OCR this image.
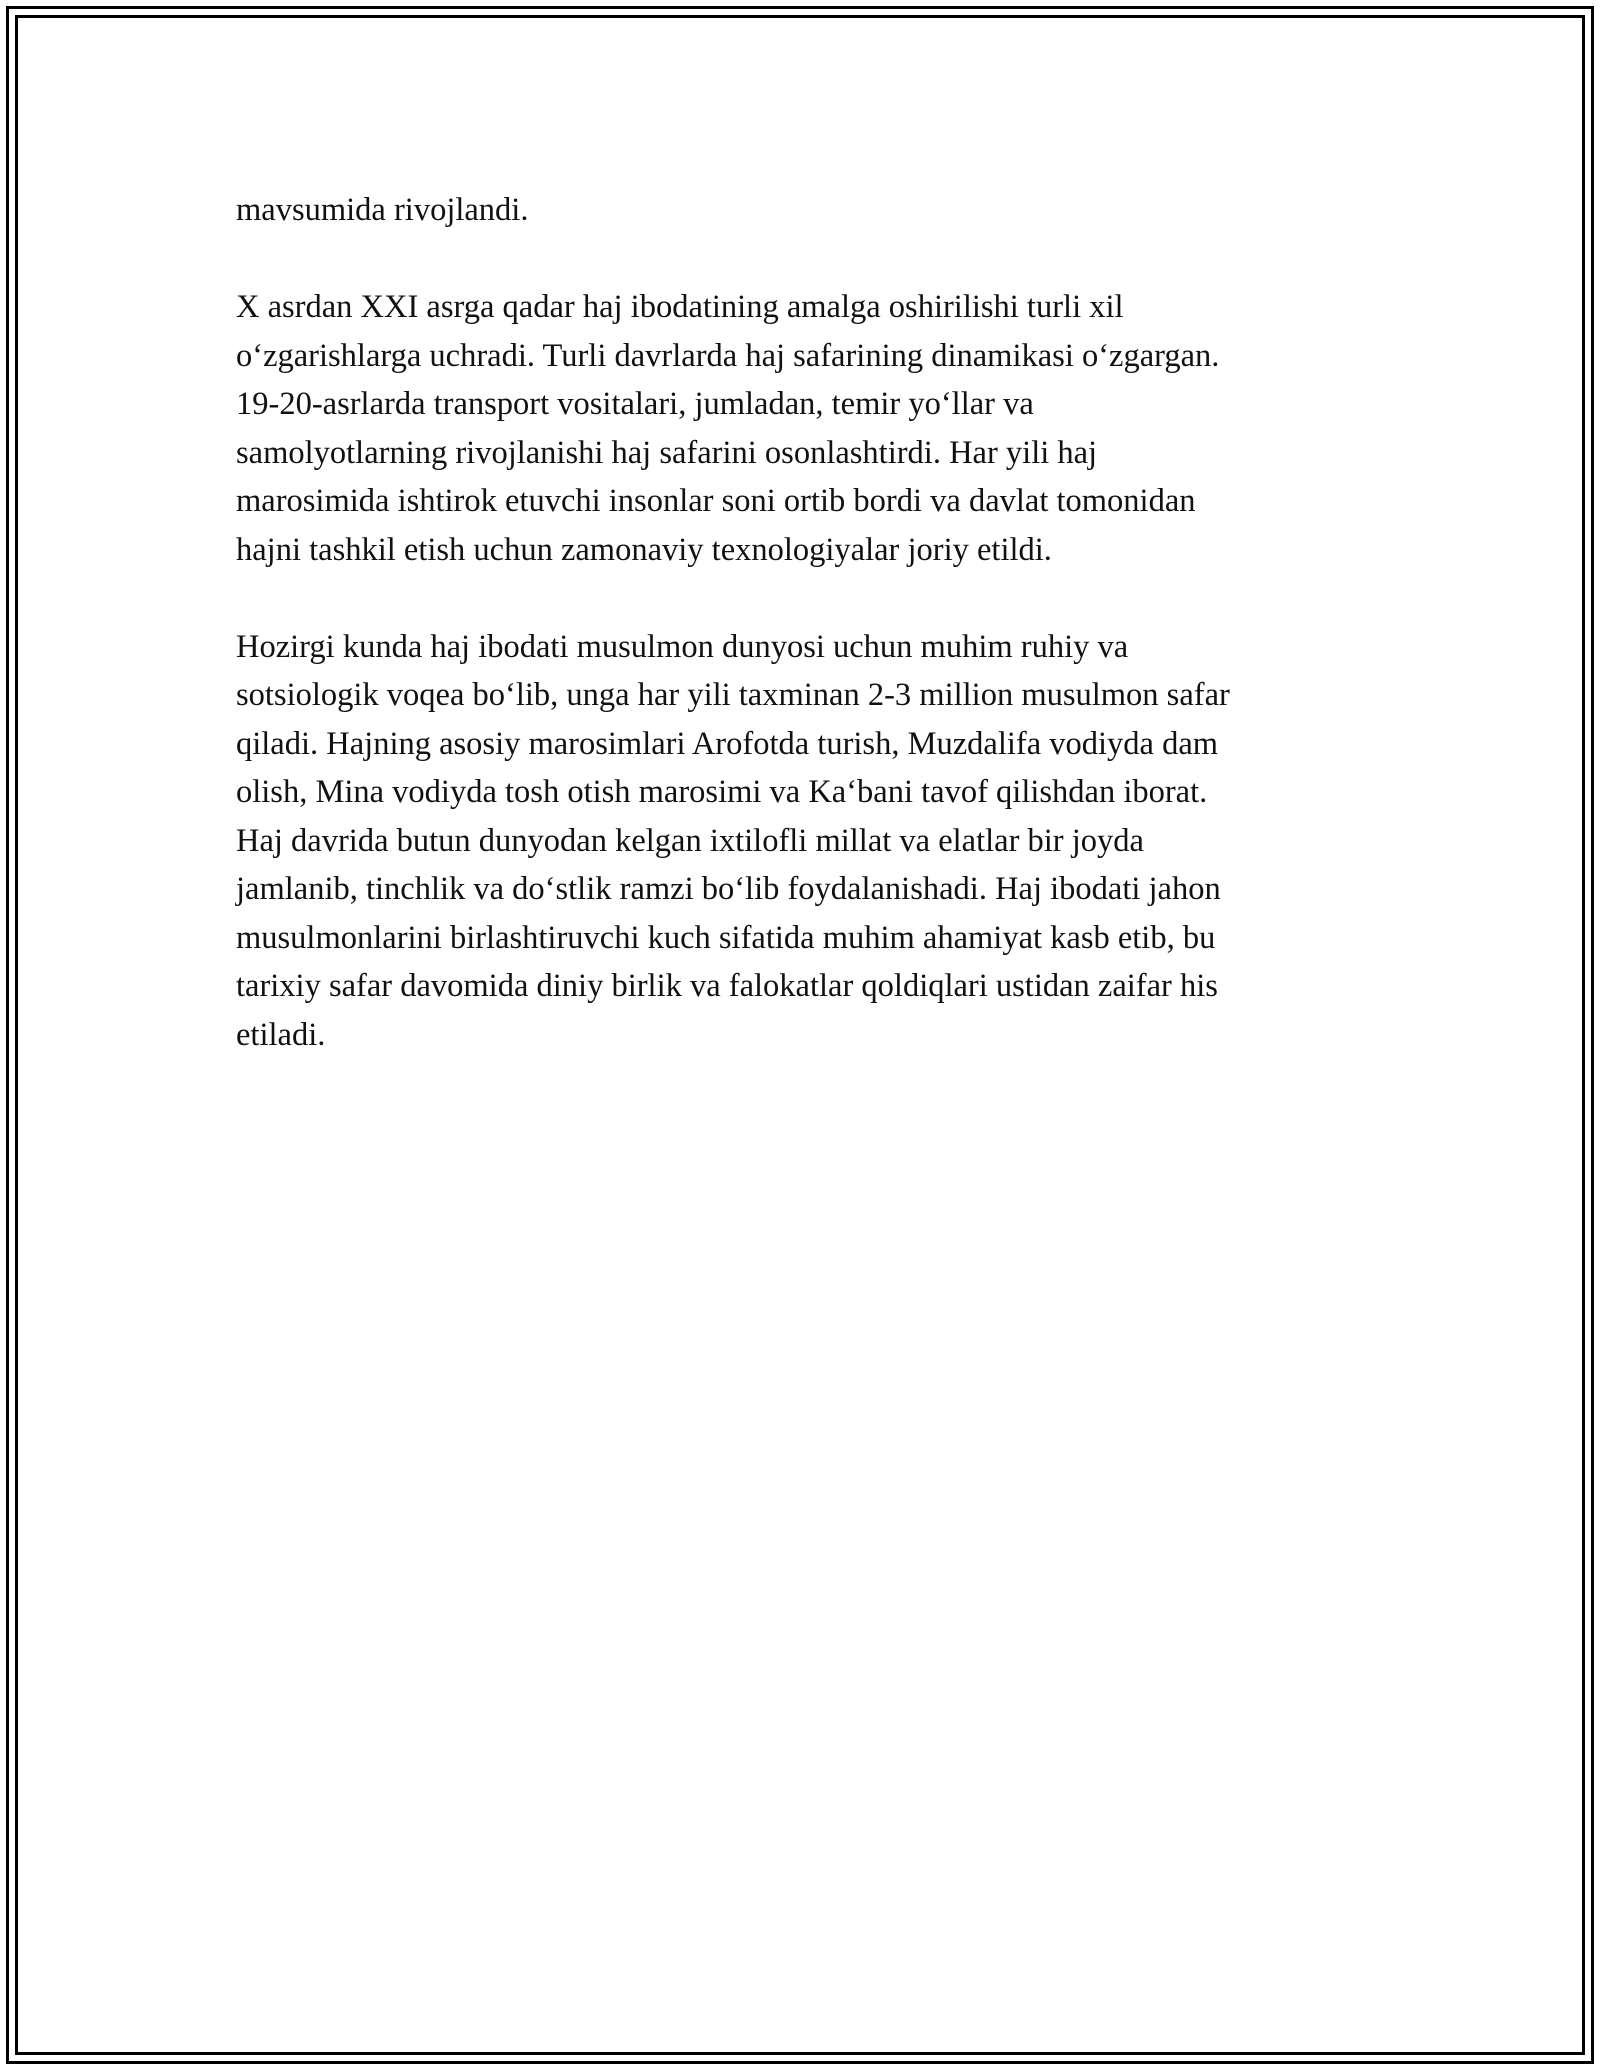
mavsumida rivojlandi.

X asrdan XXI asrga qadar haj ibodatining amalga oshirilishi turli xil
o‘zgarishlarga uchradi. Turli davrlarda haj safarining dinamikasi o‘zgargan.
19-20-asrlarda transport vositalari, jumladan, temir yo‘llar va
samolyotlarning rivojlanishi haj safarini osonlashtirdi. Har yili haj
marosimida ishtirok etuvchi insonlar soni ortib bordi va davlat tomonidan
hajni tashkil etish uchun zamonaviy texnologiyalar joriy etildi.

Hozirgi kunda haj ibodati musulmon dunyosi uchun muhim ruhiy va
sotsiologik voqea bo‘lib, unga har yili taxminan 2-3 million musulmon safar
qiladi. Hajning asosiy marosimlari Arofotda turish, Muzdalifa vodiyda dam
olish, Mina vodiyda tosh otish marosimi va Ka‘bani tavof qilishdan iborat.
Haj davrida butun dunyodan kelgan ixtilofli millat va elatlar bir joyda
jamlanib, tinchlik va do‘stlik ramzi bo‘lib foydalanishadi. Haj ibodati jahon
musulmonlarini birlashtiruvchi kuch sifatida muhim ahamiyat kasb etib, bu
tarixiy safar davomida diniy birlik va falokatlar qoldiqlari ustidan zaifar his
etiladi.
